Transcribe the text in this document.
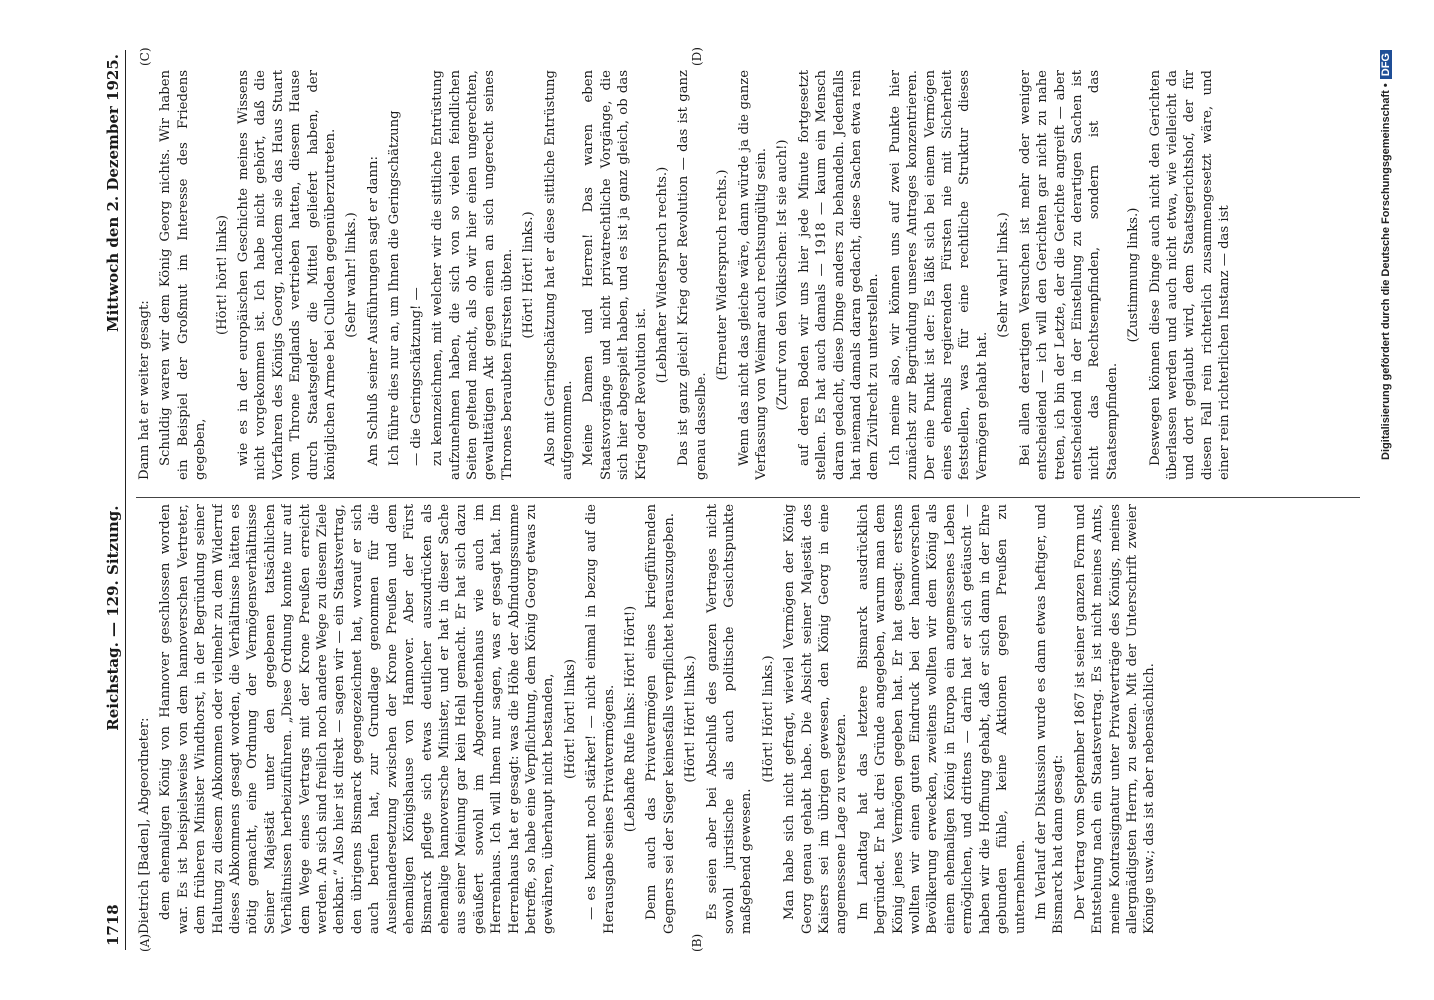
1718
Reichstag. — 129. Sitzung.
Mittwoch den 2. Dezember 1925.
(A)	(B)
(C)	(D)

Dietrich [Baden], Abgeordneter: dem ehemaligen König von Hannover geschlossen worden war. Es ist beispielsweise von dem hannoverschen Vertreter, dem früheren Minister Windthorst, in der Begründung seiner Haltung zu diesem Abkommen oder vielmehr zu dem Widerruf dieses Abkommens gesagt worden, die Verhältnisse hätten es nötig gemacht, eine Ordnung der Vermögensverhältnisse Seiner Majestät unter den gegebenen tatsächlichen Verhältnissen herbeizuführen. „Diese Ordnung konnte nur auf dem Wege eines Vertrags mit der Krone Preußen erreicht werden. An sich sind freilich noch andere Wege zu diesem Ziele denkbar.“ Also hier ist direkt — sagen wir — ein Staatsvertrag, den übrigens Bismarck gegengezeichnet hat, worauf er sich auch berufen hat, zur Grundlage genommen für die Auseinandersetzung zwischen der Krone Preußen und dem ehemaligen Königshause von Hannover. Aber der Fürst Bismarck pflegte sich etwas deutlicher auszudrücken als ehemalige hannoversche Minister, und er hat in dieser Sache aus seiner Meinung gar kein Hehl gemacht. Er hat sich dazu geäußert sowohl im Abgeordnetenhaus wie auch im Herrenhaus. Ich will Ihnen nur sagen, was er gesagt hat. Im Herrenhaus hat er gesagt: was die Höhe der Abfindungssumme betreffe, so habe eine Verpflichtung, dem König Georg etwas zu gewähren, überhaupt nicht bestanden, (Hört! hört! links) — es kommt noch stärker! — nicht einmal in bezug auf die Herausgabe seines Privatvermögens. (Lebhafte Rufe links: Hört! Hört!) Denn auch das Privatvermögen eines kriegführenden Gegners sei der Sieger keinesfalls verpflichtet herauszugeben. (Hört! Hört! links.) Es seien aber bei Abschluß des ganzen Vertrages nicht sowohl juristische als auch politische Gesichtspunkte maßgebend gewesen.

(Hört! Hört! links.) Man habe sich nicht gefragt, wieviel Vermögen der König Georg genau gehabt habe. Die Absicht seiner Majestät des Kaisers sei im übrigen gewesen, den König Georg in eine angemessene Lage zu versetzen. Im Landtag hat das letztere Bismarck ausdrücklich begründet. Er hat drei Gründe angegeben, warum man dem König jenes Vermögen gegeben hat. Er hat gesagt: erstens wollten wir einen guten Eindruck bei der hannoverschen Bevölkerung erwecken, zweitens wollten wir dem König als einem ehemaligen König in Europa ein angemessenes Leben ermöglichen, und drittens — darin hat er sich getäuscht — haben wir die Hoffnung gehabt, daß er sich dann in der Ehre gebunden fühle, keine Aktionen gegen Preußen zu unternehmen. Im Verlauf der Diskussion wurde es dann etwas heftiger, und Bismarck hat dann gesagt: Der Vertrag vom September 1867 ist seiner ganzen Form und Entstehung nach ein Staatsvertrag. Es ist nicht meines Amts, meine Kontrasignatur unter Privatverträge des Königs, meines allergnädigsten Herrn, zu setzen. Mit der Unterschrift zweier Könige usw.; das ist aber nebensächlich.

Dann hat er weiter gesagt: Schuldig waren wir dem König Georg nichts. Wir haben ein Beispiel der Großmut im Interesse des Friedens gegeben,

(Hört! hört! links) wie es in der europäischen Geschichte meines Wissens nicht vorgekommen ist. Ich habe nicht gehört, daß die Vorfahren des Königs Georg, nachdem sie das Haus Stuart vom Throne Englands vertrieben hatten, diesem Hause durch Staatsgelder die Mittel geliefert haben, der königlichen Armee bei Culloden gegenüberzutreten. (Sehr wahr! links.) Am Schluß seiner Ausführungen sagt er dann: Ich führe dies nur an, um Ihnen die Geringschätzung — die Geringschätzung! — zu kennzeichnen, mit welcher wir die sittliche Entrüstung aufzunehmen haben, die sich von so vielen feindlichen Seiten geltend macht, als ob wir hier einen ungerechten, gewalttätigen Akt gegen einen an sich ungerecht seines Thrones beraubten Fürsten übten. (Hört! Hört! links.) Also mit Geringschätzung hat er diese sittliche Entrüstung aufgenommen. Meine Damen und Herren! Das waren eben Staatsvorgänge und nicht privatrechtliche Vorgänge, die sich hier abgespielt haben, und es ist ja ganz gleich, ob das Krieg oder Revolution ist.

(Lebhafter Widerspruch rechts.) Das ist ganz gleich! Krieg oder Revolution — das ist ganz genau dasselbe.

(Erneuter Widerspruch rechts.) Wenn das nicht das gleiche wäre, dann würde ja die ganze Verfassung von Weimar auch rechtsungültig sein. (Zuruf von den Völkischen: Ist sie auch!) auf deren Boden wir uns hier jede Minute fortgesetzt stellen. Es hat auch damals — 1918 — kaum ein Mensch daran gedacht, diese Dinge anders zu behandeln. Jedenfalls hat niemand damals daran gedacht, diese Sachen etwa rein dem Zivilrecht zu unterstellen. Ich meine also, wir können uns auf zwei Punkte hier zunächst zur Begründung unseres Antrages konzentrieren. Der eine Punkt ist der: Es läßt sich bei einem Vermögen eines ehemals regierenden Fürsten nie mit Sicherheit feststellen, was für eine rechtliche Struktur dieses Vermögen gehabt hat.

(Sehr wahr! links.) Bei allen derartigen Versuchen ist mehr oder weniger entscheidend — ich will den Gerichten gar nicht zu nahe treten, ich bin der Letzte, der die Gerichte angreift — aber entscheidend in der Einstellung zu derartigen Sachen ist nicht das Rechtsempfinden, sondern ist das Staatsempfinden.

(Zustimmung links.) Deswegen können diese Dinge auch nicht den Gerichten überlassen werden und auch nicht etwa, wie vielleicht da und dort geglaubt wird, dem Staatsgerichtshof, der für diesen Fall rein richterlich zusammengesetzt wäre, und einer rein richterlichen Instanz — das ist	Digitalisierung gefördert durch die Deutsche Forschungsgemeinschaft •DFG
